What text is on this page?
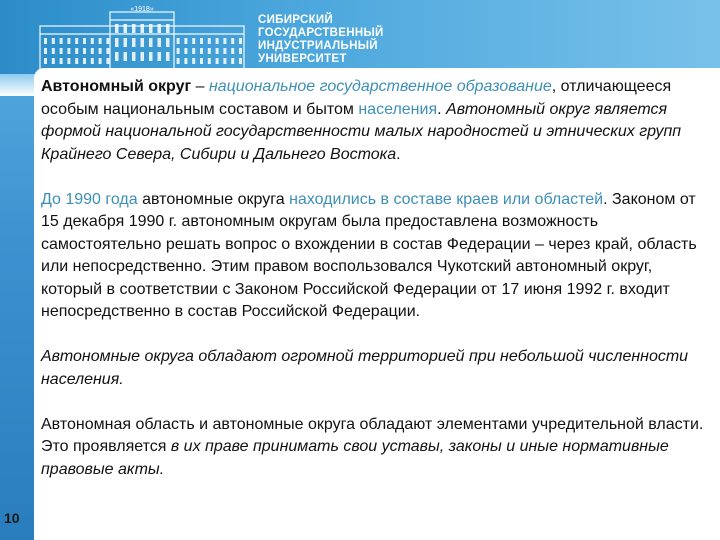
«1918»
СИБИРСКИЙ
ГОСУДАРСТВЕННЫЙ
ИНДУСТРИАЛЬНЫЙ
УНИВЕРСИТЕТ

Автономный округ – национальное государственное образование, отличающееся особым национальным составом и бытом населения. Автономный округ является формой национальной государственности малых народностей и этнических групп Крайнего Севера, Сибири и Дальнего Востока.

До 1990 года автономные округа находились в составе краев или областей. Законом от 15 декабря 1990 г. автономным округам была предоставлена возможность самостоятельно решать вопрос о вхождении в состав Федерации – через край, область или непосредственно. Этим правом воспользовался Чукотский автономный округ, который в соответствии с Законом Российской Федерации от 17 июня 1992 г. входит непосредственно в состав Российской Федерации.

Автономные округа обладают огромной территорией при небольшой численности населения.

Автономная область и автономные округа обладают элементами учредительной власти. Это проявляется в их праве принимать свои уставы, законы и иные нормативные правовые акты.

10
